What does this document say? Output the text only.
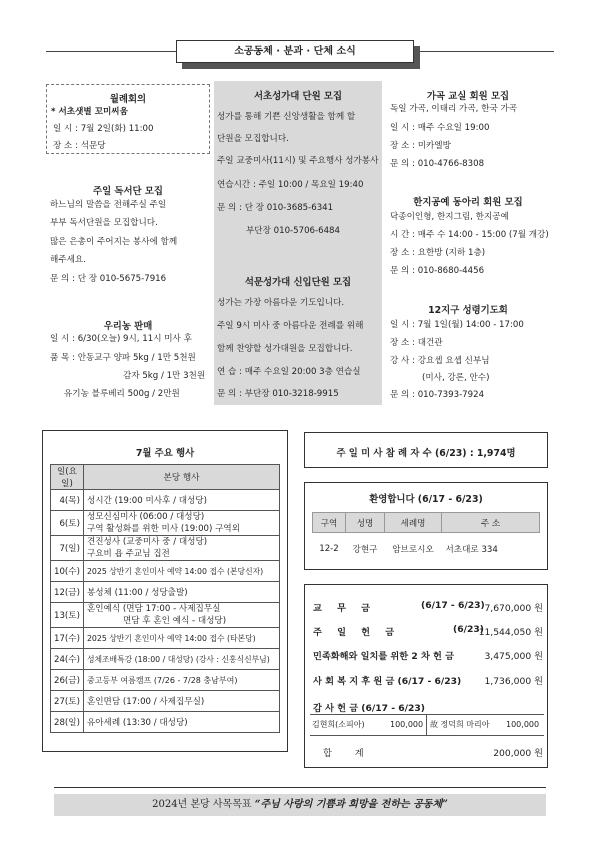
소공동체 · 분과 · 단체 소식
월례회의
* 서초샛별 꼬미씨움
일 시 : 7월 2일(화) 11:00
장 소 : 석문당
주일 독서단 모집
하느님의 말씀을 전해주실 주일
부부 독서단원을 모집합니다.
많은 은총이 주어지는 봉사에 함께
해주세요.
문 의 : 단 장 010-5675-7916
우리농 판매
일 시 : 6/30(오늘) 9시, 11시 미사 후
품 목 : 안동교구 양파 5kg / 1만 5천원
감자 5kg / 1만 3천원
유기농 블루베리 500g / 2만원
서초성가대 단원 모집
성가를 통해 기쁜 신앙생활을 함께 할
단원을 모집합니다.
주일 교중미사(11시) 및 주요행사 성가봉사
연습시간 : 주일 10:00 / 목요일 19:40
문 의 : 단 장 010-3685-6341
부단장 010-5706-6484
석문성가대 신입단원 모집
성가는 가장 아름다운 기도입니다.
주일 9시 미사 중 아름다운 전례를 위해
함께 찬양할 성가대원을 모집합니다.
연 습 : 매주 수요일 20:00 3층 연습실
문 의 : 부단장 010-3218-9915
가곡 교실 회원 모집
독일 가곡, 이태리 가곡, 한국 가곡
일 시 : 매주 수요일 19:00
장 소 : 미카엘방
문 의 : 010-4766-8308
한지공예 동아리 회원 모집
닥종이인형, 한지그림, 한지공예
시 간 : 매주 수 14:00 - 15:00 (7월 개강)
장 소 : 요한방 (지하 1층)
문 의 : 010-8680-4456
12지구 성령기도회
일 시 : 7월 1일(월) 14:00 - 17:00
장 소 : 대건관
강 사 : 강요셉 요셉 신부님
(미사, 강론, 안수)
문 의 : 010-7393-7924
7월 주요 행사
일(요일)	본당 행사
4(목)	성시간 (19:00 미사후 / 대성당)
6(토)	성모신심미사 (06:00 / 대성당)
구역 활성화를 위한 미사 (19:00) 구역외

7(일)	견진성사 (교중미사 중 / 대성당)
구요비 욥 주교님 집전

10(수)	2025 상반기 혼인미사 예약 14:00 접수 (본당신자)
12(금)	봉성체 (11:00 / 성당출발)
13(토)	혼인예식 (면담 17:00 - 사제집무실
면담 후 혼인 예식 - 대성당)

17(수)	2025 상반기 혼인미사 예약 14:00 접수 (타본당)
24(수)	성체조배특강 (18:00 / 대성당) (강사 : 신홍식신부님)
26(금)	중고등부 여름캠프 (7/26 - 7/28 충남부여)
27(토)	혼인면담 (17:00 / 사제집무실)
28(일)	유아세례 (13:30 / 대성당)
주 일 미 사 참 례 자 수 (6/23) : 1,974명
환영합니다 (6/17 - 6/23)
구역	성명	세례명	주 소
12-2	강현구	암브로시오	서초대로 334
교 무 금	(6/17 - 6/23) 7,670,000 원
주 일 헌 금	(6/23)
11,544,050 원
민족화해와 일치를 위한 2 차 헌 금	3,475,000 원
사 회 복 지 후 원 금 (6/17 - 6/23)	1,736,000 원
감 사 헌 금 (6/17 - 6/23)
김현희(소피아)	100,000 故 정덕희 마리아 100,000
합 계	200,000 원
2024년 본당 사목목표 “주님 사랑의 기쁨과 희망을 전하는 공동체”
